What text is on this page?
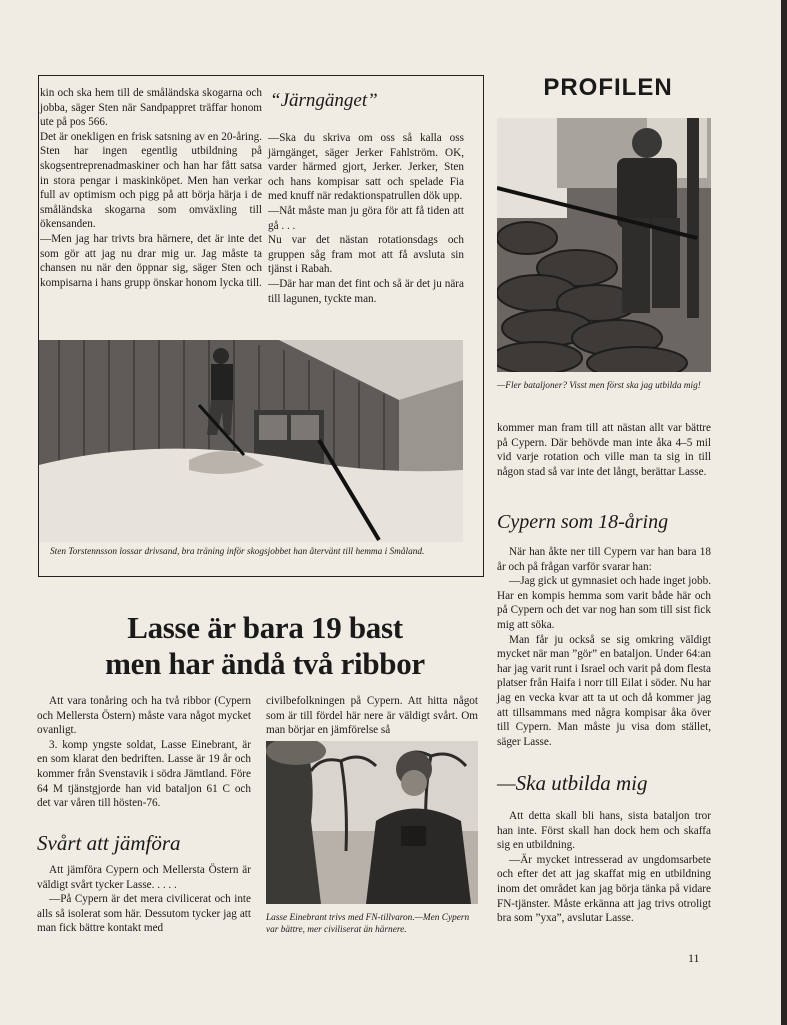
kin och ska hem till de småländska skogarna och jobba, säger Sten när Sandpappret träffar honom ute på pos 566.

Det är onekligen en frisk satsning av en 20-åring. Sten har ingen egentlig utbildning på skogsentreprenadmaskiner och han har fått satsa in stora pengar i maskinköpet. Men han verkar full av optimism och pigg på att börja härja i de småländska skogarna som omväxling till ökensanden.

—Men jag har trivts bra härnere, det är inte det som gör att jag nu drar mig ur. Jag måste ta chansen nu när den öppnar sig, säger Sten och kompisarna i hans grupp önskar honom lycka till.

“Järngänget”

—Ska du skriva om oss så kalla oss järngänget, säger Jerker Fahlström. OK, varder härmed gjort, Jerker. Jerker, Sten och hans kompisar satt och spelade Fia med knuff när redaktionspatrullen dök upp.

—Nåt måste man ju göra för att få tiden att gå . . .

Nu var det nästan rotationsdags och gruppen såg fram mot att få avsluta sin tjänst i Rabah.

—Där har man det fint och så är det ju nära till lagunen, tyckte man.

Sten Torstennsson lossar drivsand, bra träning inför skogsjobbet han återvänt till hemma i Småland.
PROFILEN
—Fler bataljoner? Visst men först ska jag utbilda mig!
kommer man fram till att nästan allt var bättre på Cypern. Där behövde man inte åka 4–5 mil vid varje rotation och ville man ta sig in till någon stad så var inte det långt, berättar Lasse.
Cypern som 18-åring

När han åkte ner till Cypern var han bara 18 år och på frågan varför svarar han:

—Jag gick ut gymnasiet och hade inget jobb. Har en kompis hemma som varit både här och på Cypern och det var nog han som till sist fick mig att söka.

Man får ju också se sig omkring väldigt mycket när man ”gör” en bataljon. Under 64:an har jag varit runt i Israel och varit på dom flesta platser från Haifa i norr till Eilat i söder. Nu har jag en vecka kvar att ta ut och då kommer jag att tillsammans med några kompisar åka över till Cypern. Man måste ju visa dom stället, säger Lasse.

—Ska utbilda mig

Att detta skall bli hans, sista bataljon tror han inte. Först skall han dock hem och skaffa sig en utbildning.

—Är mycket intresserad av ungdomsarbete och efter det att jag skaffat mig en utbildning inom det området kan jag börja tänka på vidare FN-tjänster. Måste erkänna att jag trivs otroligt bra som ”yxa”, avslutar Lasse.

Lasse är bara 19 bast
men har ändå två ribbor

Att vara tonåring och ha två ribbor (Cypern och Mellersta Östern) måste vara något mycket ovanligt.

3. komp yngste soldat, Lasse Einebrant, är en som klarat den bedriften. Lasse är 19 år och kommer från Svenstavik i södra Jämtland. Före 64 M tjänstgjorde han vid bataljon 61 C och det var våren till hösten-76.

Svårt att jämföra

Att jämföra Cypern och Mellersta Östern är väldigt svårt tycker Lasse. . . . .

—På Cypern är det mera civilicerat och inte alls så isolerat som här. Dessutom tycker jag att man fick bättre kontakt med

civilbefolkningen på Cypern. Att hitta något som är till fördel här nere är väldigt svårt. Om man börjar en jämförelse så
Lasse Einebrant trivs med FN-tillvaron.—Men Cypern var bättre, mer civiliserat än härnere.
11
